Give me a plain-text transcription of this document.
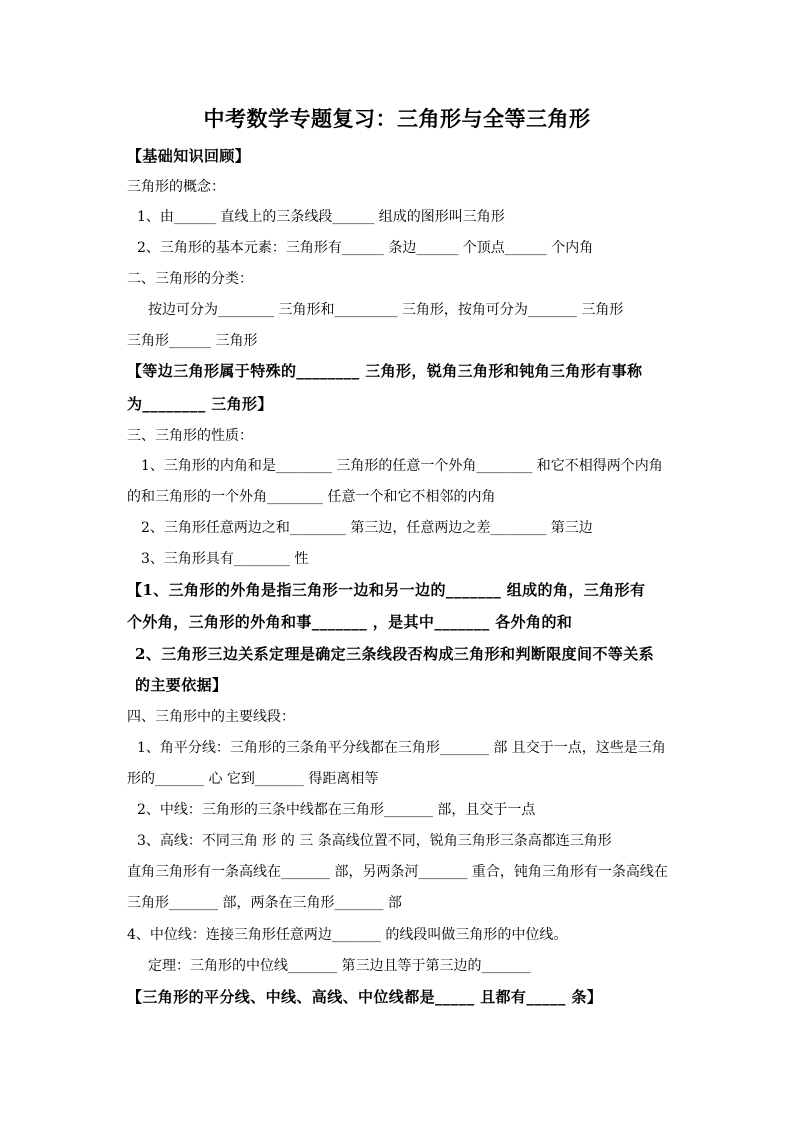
中考数学专题复习：三角形与全等三角形
【基础知识回顾】
三角形的概念：
1、由______ 直线上的三条线段______ 组成的图形叫三角形
2、三角形的基本元素：三角形有______ 条边______ 个顶点______ 个内角
二、三角形的分类：
按边可分为________ 三角形和_________ 三角形，按角可分为_______ 三角形
三角形______ 三角形
【等边三角形属于特殊的________ 三角形，锐角三角形和钝角三角形有事称
为________ 三角形】
三、三角形的性质：
1、三角形的内角和是________ 三角形的任意一个外角________ 和它不相得两个内角
的和三角形的一个外角________ 任意一个和它不相邻的内角
2、三角形任意两边之和________ 第三边，任意两边之差________ 第三边
3、三角形具有________ 性
【1、三角形的外角是指三角形一边和另一边的_______ 组成的角，三角形有
个外角，三角形的外角和事_______ ，是其中_______ 各外角的和
2、三角形三边关系定理是确定三条线段否构成三角形和判断限度间不等关系
的主要依据】
四、三角形中的主要线段：
1、角平分线：三角形的三条角平分线都在三角形_______ 部 且交于一点，这些是三角
形的_______ 心 它到_______ 得距离相等
2、中线：三角形的三条中线都在三角形_______ 部，且交于一点
3、高线：不同三角 形 的 三 条高线位置不同，锐角三角形三条高都连三角形
直角三角形有一条高线在_______ 部，另两条河_______ 重合，钝角三角形有一条高线在
三角形_______ 部，两条在三角形_______ 部
4、中位线：连接三角形任意两边_______ 的线段叫做三角形的中位线。
定理：三角形的中位线_______ 第三边且等于第三边的_______
【三角形的平分线、中线、高线、中位线都是_____ 且都有_____ 条】
